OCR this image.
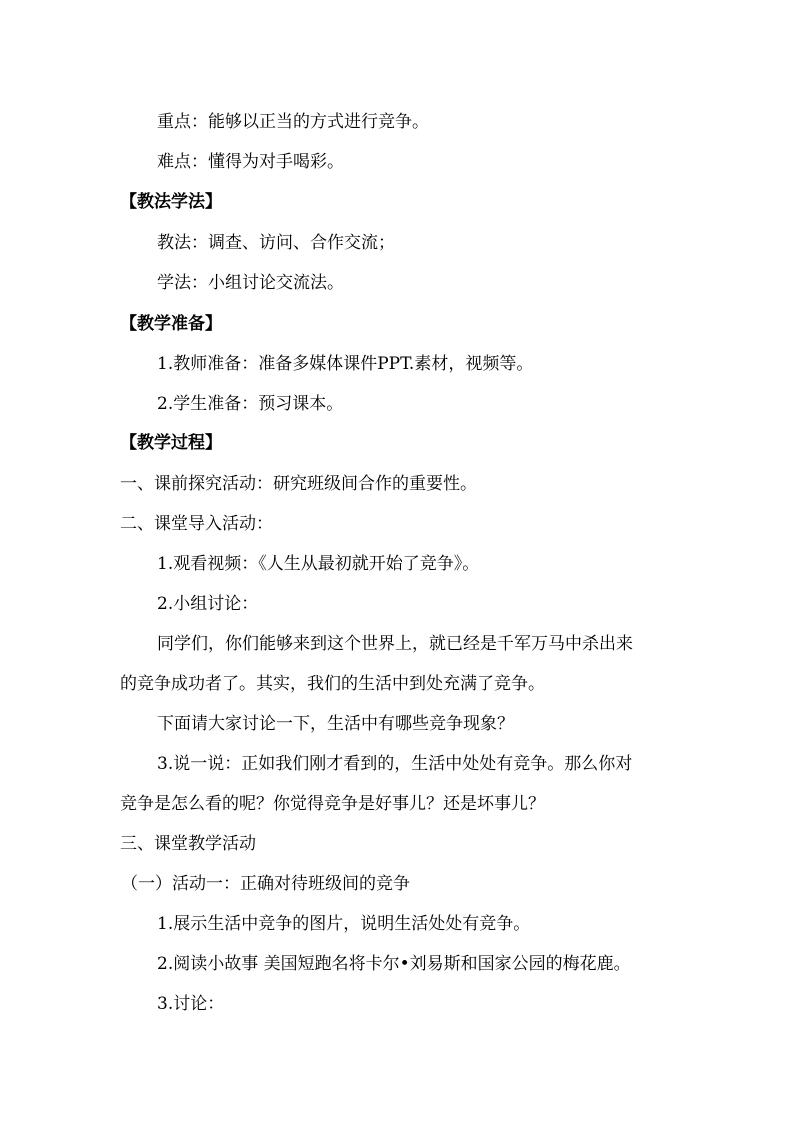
重点：能够以正当的方式进行竞争。
难点：懂得为对手喝彩。
【教法学法】
教法：调查、访问、合作交流；
学法：小组讨论交流法。
【教学准备】
1.教师准备：准备多媒体课件PPT.素材，视频等。
2.学生准备：预习课本。
【教学过程】
一、课前探究活动：研究班级间合作的重要性。
二、课堂导入活动：
1.观看视频：《人生从最初就开始了竞争》。
2.小组讨论：
同学们，你们能够来到这个世界上，就已经是千军万马中杀出来
的竞争成功者了。其实，我们的生活中到处充满了竞争。
下面请大家讨论一下，生活中有哪些竞争现象？
3.说一说：正如我们刚才看到的，生活中处处有竞争。那么你对
竞争是怎么看的呢？你觉得竞争是好事儿？还是坏事儿？
三、课堂教学活动
（一）活动一：正确对待班级间的竞争
1.展示生活中竞争的图片，说明生活处处有竞争。
2.阅读小故事 美国短跑名将卡尔•刘易斯和国家公园的梅花鹿。
3.讨论：
